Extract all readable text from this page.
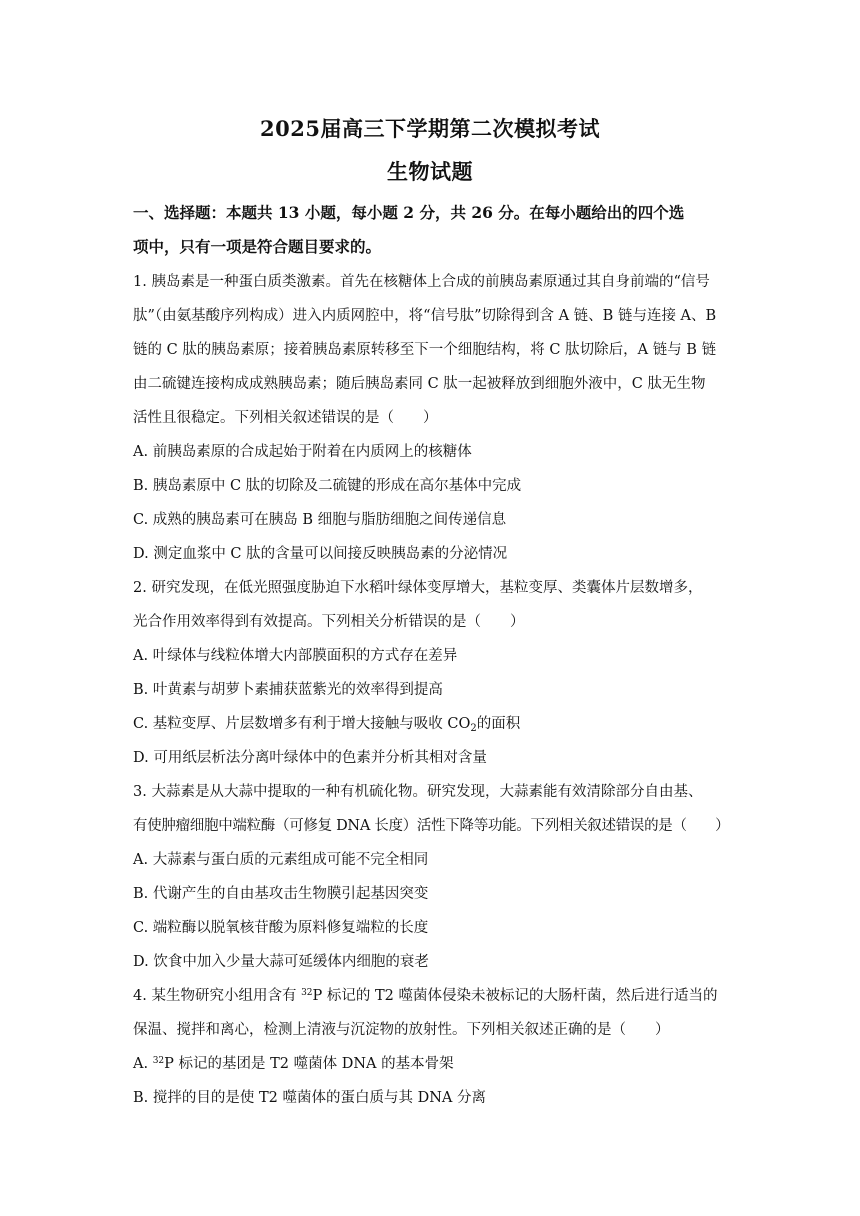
2025届高三下学期第二次模拟考试
生物试题
一、选择题：本题共 13 小题，每小题 2 分，共 26 分。在每小题给出的四个选
项中，只有一项是符合题目要求的。
1. 胰岛素是一种蛋白质类激素。首先在核糖体上合成的前胰岛素原通过其自身前端的“信号
肽”（由氨基酸序列构成）进入内质网腔中，将“信号肽”切除得到含 A 链、B 链与连接 A、B
链的 C 肽的胰岛素原；接着胰岛素原转移至下一个细胞结构，将 C 肽切除后，A 链与 B 链
由二硫键连接构成成熟胰岛素；随后胰岛素同 C 肽一起被释放到细胞外液中，C 肽无生物
活性且很稳定。下列相关叙述错误的是（　　）
A. 前胰岛素原的合成起始于附着在内质网上的核糖体
B. 胰岛素原中 C 肽的切除及二硫键的形成在高尔基体中完成
C. 成熟的胰岛素可在胰岛 B 细胞与脂肪细胞之间传递信息
D. 测定血浆中 C 肽的含量可以间接反映胰岛素的分泌情况
2. 研究发现，在低光照强度胁迫下水稻叶绿体变厚增大，基粒变厚、类囊体片层数增多，
光合作用效率得到有效提高。下列相关分析错误的是（　　）
A. 叶绿体与线粒体增大内部膜面积的方式存在差异
B. 叶黄素与胡萝卜素捕获蓝紫光的效率得到提高
C. 基粒变厚、片层数增多有利于增大接触与吸收 $CO_2$的面积
D. 可用纸层析法分离叶绿体中的色素并分析其相对含量
3. 大蒜素是从大蒜中提取的一种有机硫化物。研究发现，大蒜素能有效清除部分自由基、
有使肿瘤细胞中端粒酶（可修复 DNA 长度）活性下降等功能。下列相关叙述错误的是（　　）
A. 大蒜素与蛋白质的元素组成可能不完全相同
B. 代谢产生的自由基攻击生物膜引起基因突变
C. 端粒酶以脱氧核苷酸为原料修复端粒的长度
D. 饮食中加入少量大蒜可延缓体内细胞的衰老
4. 某生物研究小组用含有 $^{32}$P 标记的 T2 噬菌体侵染未被标记的大肠杆菌，然后进行适当的
保温、搅拌和离心，检测上清液与沉淀物的放射性。下列相关叙述正确的是（　　）
A. $^{32}$P 标记的基团是 T2 噬菌体 DNA 的基本骨架
B. 搅拌的目的是使 T2 噬菌体的蛋白质与其 DNA 分离
